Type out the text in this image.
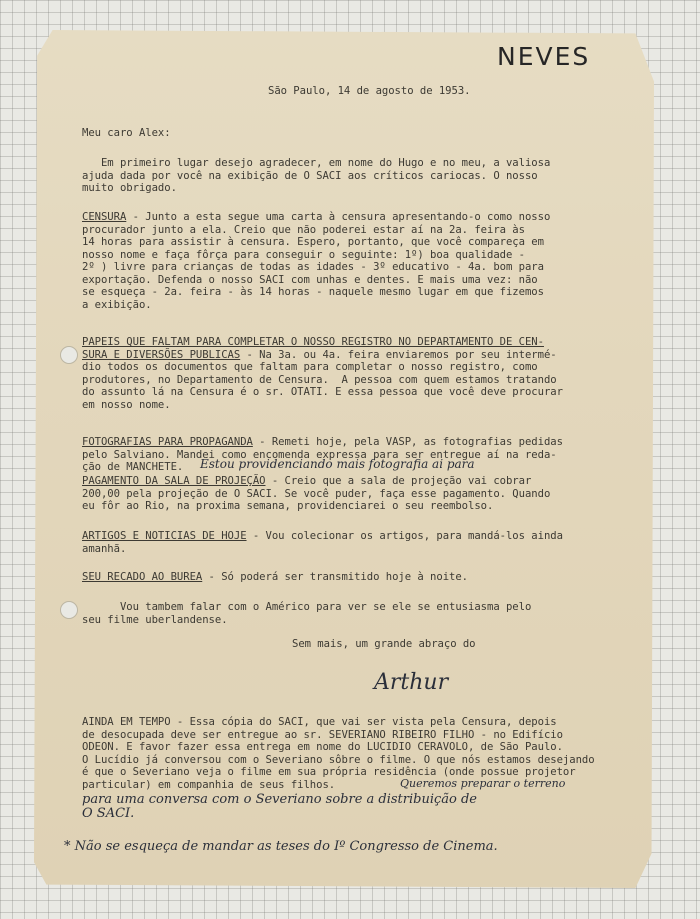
NEVES
São Paulo, 14 de agosto de 1953.
Meu caro Alex:
Em primeiro lugar desejo agradecer, em nome do Hugo e no meu, a valiosa
ajuda dada por você na exibição de O SACI aos críticos cariocas. O nosso
muito obrigado.
CENSURA - Junto a esta segue uma carta à censura apresentando-o como nosso
procurador junto a ela. Creio que não poderei estar aí na 2a. feira às
14 horas para assistir à censura. Espero, portanto, que você compareça em
nosso nome e faça fôrça para conseguir o seguinte: 1º) boa qualidade -
2º ) livre para crianças de todas as idades - 3º educativo - 4a. bom para
exportação. Defenda o nosso SACI com unhas e dentes. E mais uma vez: não
se esqueça - 2a. feira - às 14 horas - naquele mesmo lugar em que fizemos
a exibição.
PAPEIS QUE FALTAM PARA COMPLETAR O NOSSO REGISTRO NO DEPARTAMENTO DE CEN-
SURA E DIVERSÕES PUBLICAS - Na 3a. ou 4a. feira enviaremos por seu intermé-
dio todos os documentos que faltam para completar o nosso registro, como
produtores, no Departamento de Censura.  A pessoa com quem estamos tratando
do assunto lá na Censura é o sr. OTATI. E essa pessoa que você deve procurar
em nosso nome.
FOTOGRAFIAS PARA PROPAGANDA - Remeti hoje, pela VASP, as fotografias pedidas
pelo Salviano. Mandei como encomenda expressa para ser entregue aí na reda-
ção de MANCHETE. Estou providenciando mais fotografia ai para
PAGAMENTO DA SALA DE PROJEÇÃO - Creio que a sala de projeção vai cobrar
200,00 pela projeção de O SACI. Se você puder, faça esse pagamento. Quando
eu fôr ao Rio, na proxima semana, providenciarei o seu reembolso.
ARTIGOS E NOTICIAS DE HOJE - Vou colecionar os artigos, para mandá-los ainda
amanhã.
SEU RECADO AO BUREA - Só poderá ser transmitido hoje à noite.
Vou tambem falar com o Américo para ver se ele se entusiasma pelo
seu filme uberlandense.
Sem mais, um grande abraço do
Arthur
AINDA EM TEMPO - Essa cópia do SACI, que vai ser vista pela Censura, depois
de desocupada deve ser entregue ao sr. SEVERIANO RIBEIRO FILHO - no Edifício
ODEON. E favor fazer essa entrega em nome do LUCIDIO CERAVOLO, de São Paulo.
O Lucídio já conversou com o Severiano sôbre o filme. O que nós estamos desejando
é que o Severiano veja o filme em sua própria residência (onde possue projetor
particular) em companhia de seus filhos.	Queremos preparar o terreno
para uma conversa com o Severiano sobre a distribuição de
O SACI.
* Não se esqueça de mandar as teses do Iº Congresso de Cinema.
